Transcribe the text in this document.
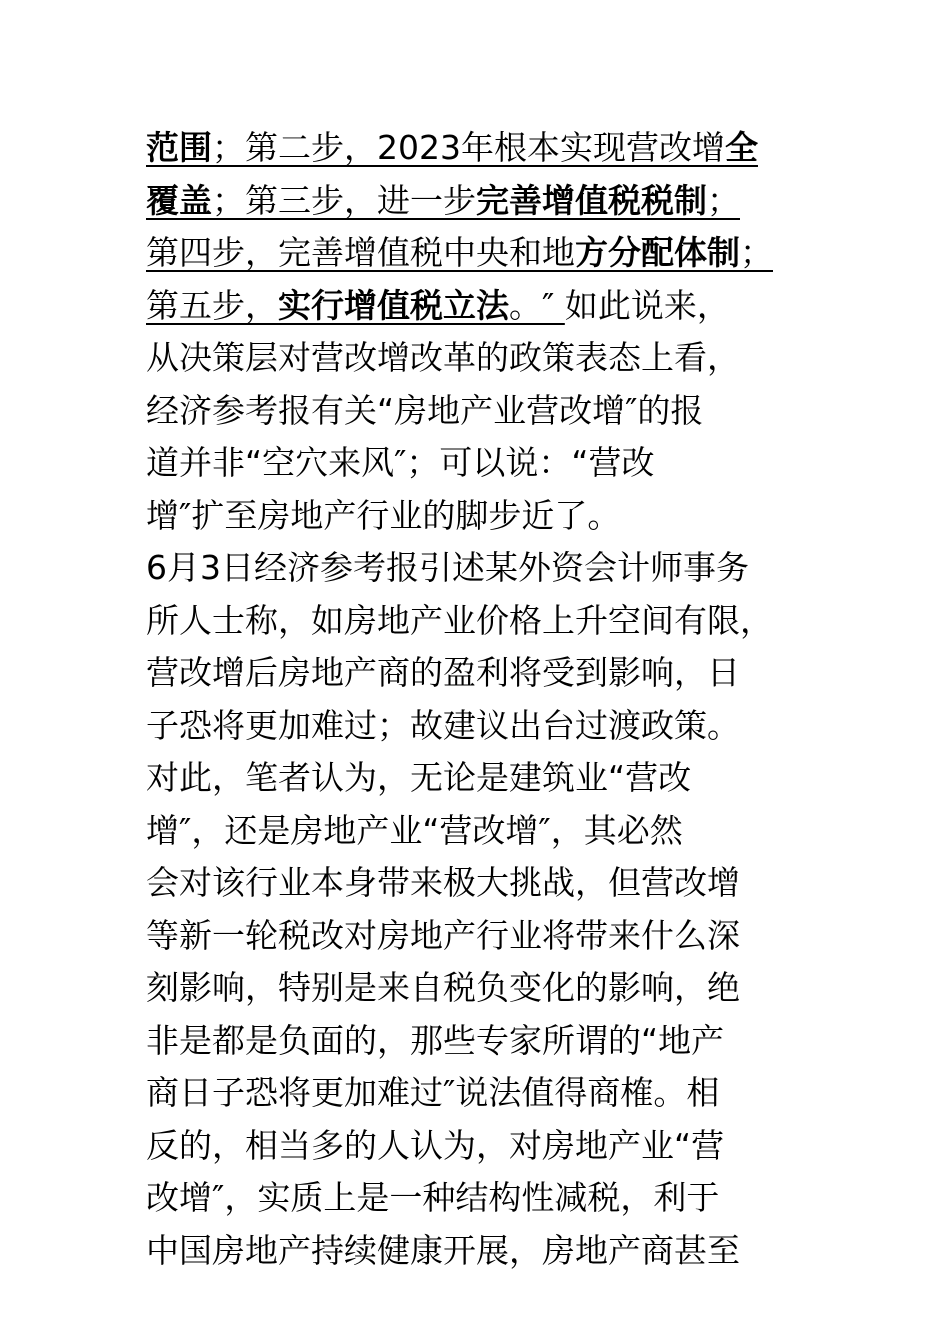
范围；第二步，2023年根本实现营改增全
覆盖；第三步，进一步完善增值税税制；
第四步，完善增值税中央和地方分配体制；
第五步，实行增值税立法。″ 如此说来，
从决策层对营改增改革的政策表态上看，
经济参考报有关“房地产业营改增″的报
道并非“空穴来风″；可以说：“营改
增″扩至房地产行业的脚步近了。
6月3日经济参考报引述某外资会计师事务
所人士称，如房地产业价格上升空间有限，
营改增后房地产商的盈利将受到影响，日
子恐将更加难过；故建议出台过渡政策。
对此，笔者认为，无论是建筑业“营改
增″，还是房地产业“营改增″，其必然
会对该行业本身带来极大挑战，但营改增
等新一轮税改对房地产行业将带来什么深
刻影响，特别是来自税负变化的影响，绝
非是都是负面的，那些专家所谓的“地产
商日子恐将更加难过″说法值得商榷。相
反的，相当多的人认为，对房地产业“营
改增″，实质上是一种结构性减税，利于
中国房地产持续健康开展，房地产商甚至
